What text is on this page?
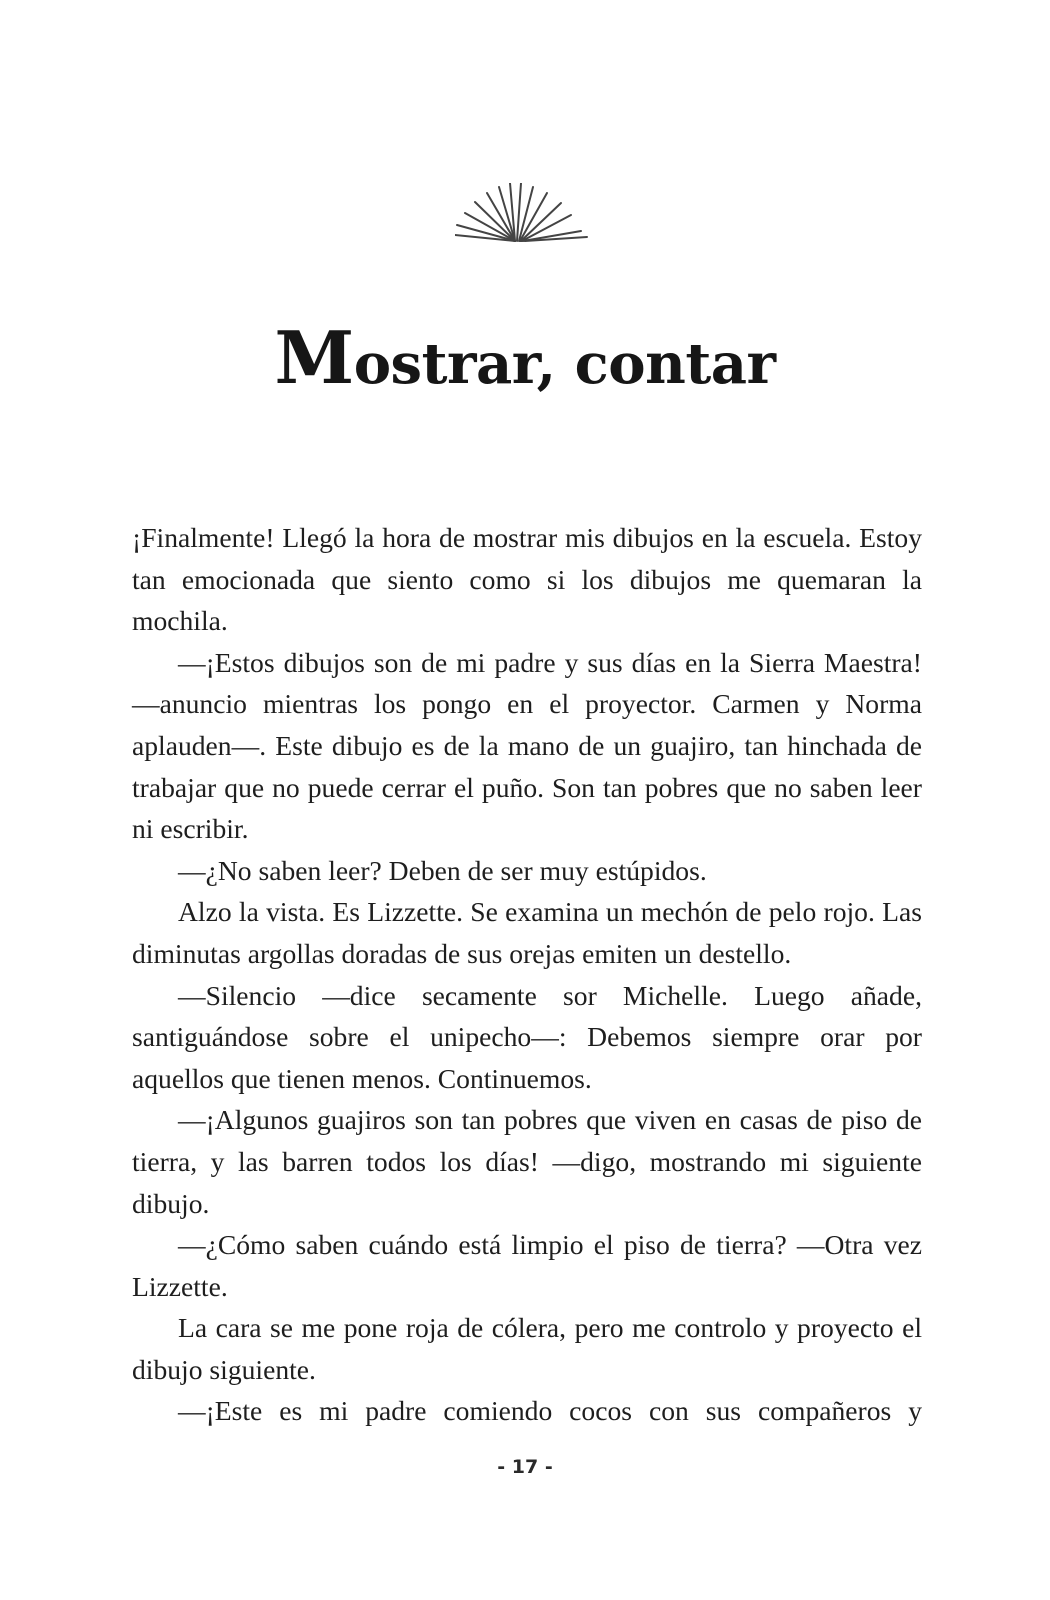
Mostrar, contar

¡Finalmente! Llegó la hora de mostrar mis dibujos en la escuela. Estoy tan emocionada que siento como si los dibujos me quemaran la mochila.

—¡Estos dibujos son de mi padre y sus días en la Sierra Maestra! —anuncio mientras los pongo en el proyector. Carmen y Norma aplauden—. Este dibujo es de la mano de un guajiro, tan hinchada de trabajar que no puede cerrar el puño. Son tan pobres que no saben leer ni escribir.

—¿No saben leer? Deben de ser muy estúpidos.

Alzo la vista. Es Lizzette. Se examina un mechón de pelo rojo. Las diminutas argollas doradas de sus orejas emiten un destello.

—Silencio —dice secamente sor Michelle. Luego añade, santiguándose sobre el unipecho—: Debemos siempre orar por aquellos que tienen menos. Continuemos.

—¡Algunos guajiros son tan pobres que viven en casas de piso de tierra, y las barren todos los días! —digo, mostrando mi siguiente dibujo.

—¿Cómo saben cuándo está limpio el piso de tierra? —Otra vez Lizzette.

La cara se me pone roja de cólera, pero me controlo y proyecto el dibujo siguiente.

—¡Este es mi padre comiendo cocos con sus compañeros y

- 17 -
